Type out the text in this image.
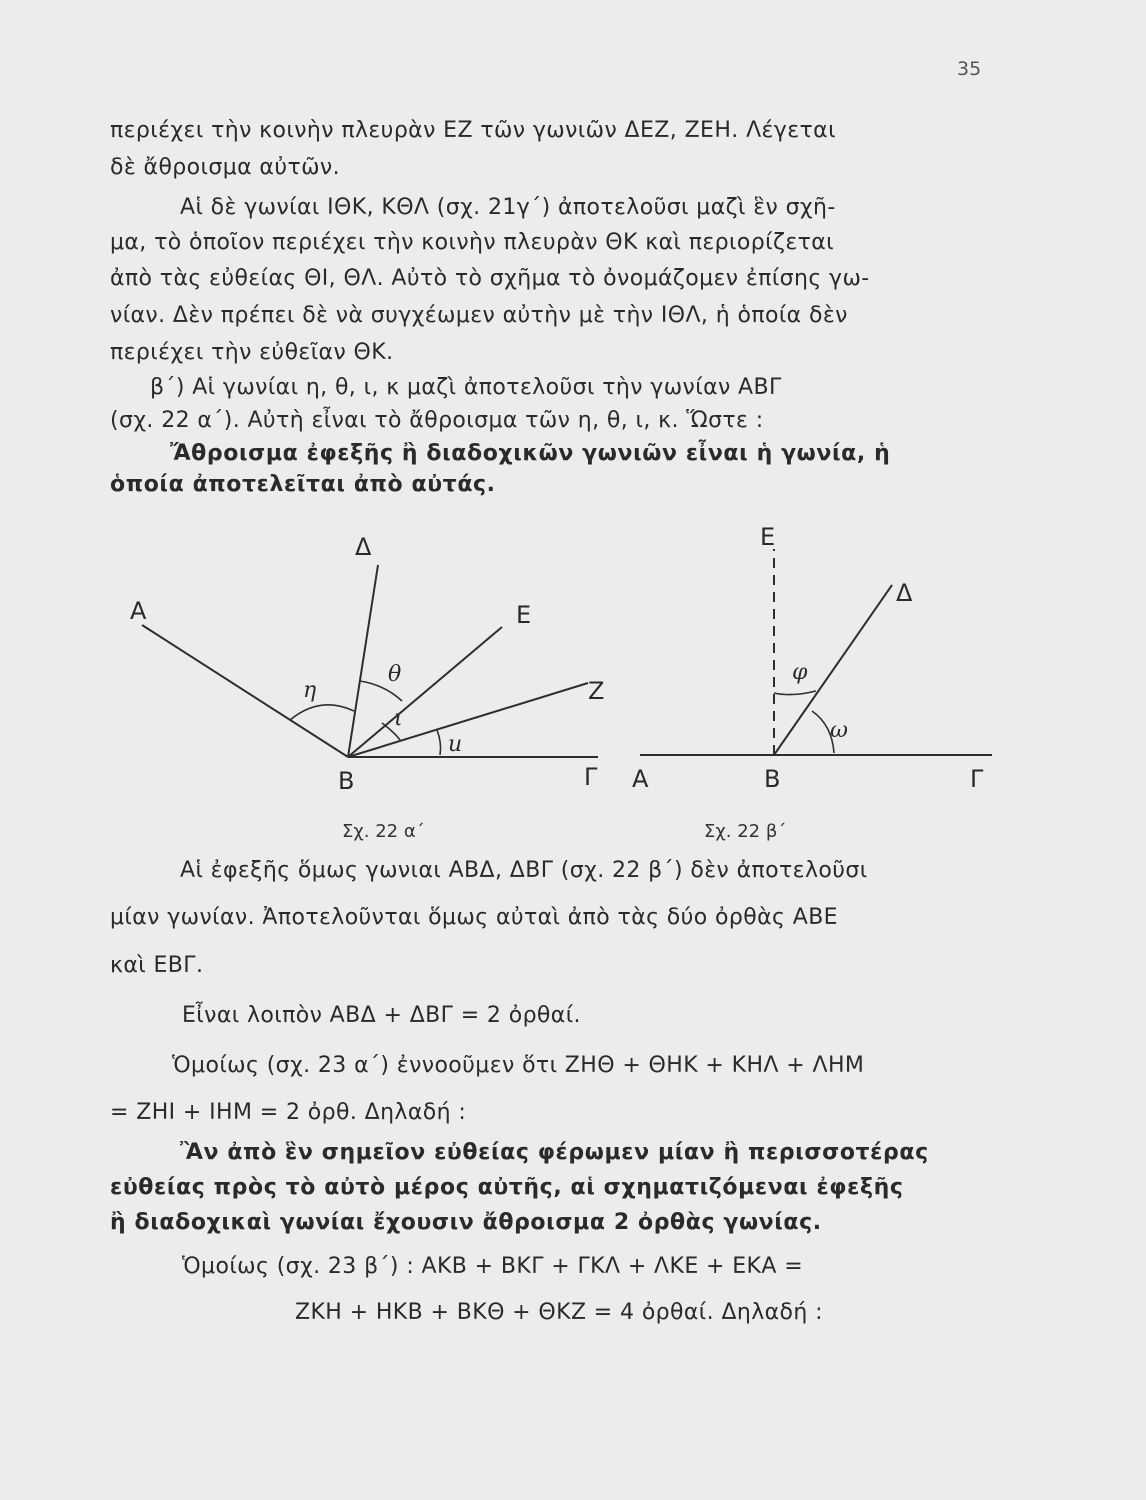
35
περιέχει τὴν κοινὴν πλευρὰν ΕΖ τῶν γωνιῶν ΔΕΖ, ΖΕΗ. Λέγεται
δὲ ἄθροισμα αὐτῶν.
Αἱ δὲ γωνίαι ΙΘΚ, ΚΘΛ (σχ. 21γ΄) ἀποτελοῦσι μαζὶ ἓν σχῆ-
μα, τὸ ὁποῖον περιέχει τὴν κοινὴν πλευρὰν ΘΚ καὶ περιορίζεται
ἀπὸ τὰς εὐθείας ΘΙ, ΘΛ. Αὐτὸ τὸ σχῆμα τὸ ὀνομάζομεν ἐπίσης γω-
νίαν. Δὲν πρέπει δὲ νὰ συγχέωμεν αὐτὴν μὲ τὴν ΙΘΛ, ἡ ὁποία δὲν
περιέχει τὴν εὐθεῖαν ΘΚ.
β΄) Αἱ γωνίαι η, θ, ι, κ μαζὶ ἀποτελοῦσι τὴν γωνίαν ΑΒΓ
(σχ. 22 α΄). Αὐτὴ εἶναι τὸ ἄθροισμα τῶν η, θ, ι, κ. Ὥστε :
Ἄθροισμα ἐφεξῆς ἢ διαδοχικῶν γωνιῶν εἶναι ἡ γωνία, ἡ
ὁποία ἀποτελεῖται ἀπὸ αὐτάς.
Α
Δ
Ε
Ζ
Β	Γ
η
θ
ι
u
Σχ. 22 α΄
Ε
Δ
Α	Β	Γ
φ
ω
Σχ. 22 β΄
Αἱ ἐφεξῆς ὅμως γωνιαι ΑΒΔ, ΔΒΓ (σχ. 22 β΄) δὲν ἀποτελοῦσι
μίαν γωνίαν. Ἀποτελοῦνται ὅμως αὐταὶ ἀπὸ τὰς δύο ὀρθὰς ΑΒΕ
καὶ ΕΒΓ.
Εἶναι λοιπὸν ΑΒΔ + ΔΒΓ = 2 ὀρθαί.
Ὁμοίως (σχ. 23 α΄) ἐννοοῦμεν ὅτι ΖΗΘ + ΘΗΚ + ΚΗΛ + ΛΗΜ
= ΖΗΙ + ΙΗΜ = 2 ὀρθ. Δηλαδή :
Ἂν ἀπὸ ἓν σημεῖον εὐθείας φέρωμεν μίαν ἢ περισσοτέρας
εὐθείας πρὸς τὸ αὐτὸ μέρος αὐτῆς, αἱ σχηματιζόμεναι ἐφεξῆς
ἢ διαδοχικαὶ γωνίαι ἔχουσιν ἄθροισμα 2 ὀρθὰς γωνίας.
Ὁμοίως (σχ. 23 β΄) : ΑΚΒ + ΒΚΓ + ΓΚΛ + ΛΚΕ + ΕΚΑ =
ΖΚΗ + ΗΚΒ + ΒΚΘ + ΘΚΖ = 4 ὀρθαί. Δηλαδή :
